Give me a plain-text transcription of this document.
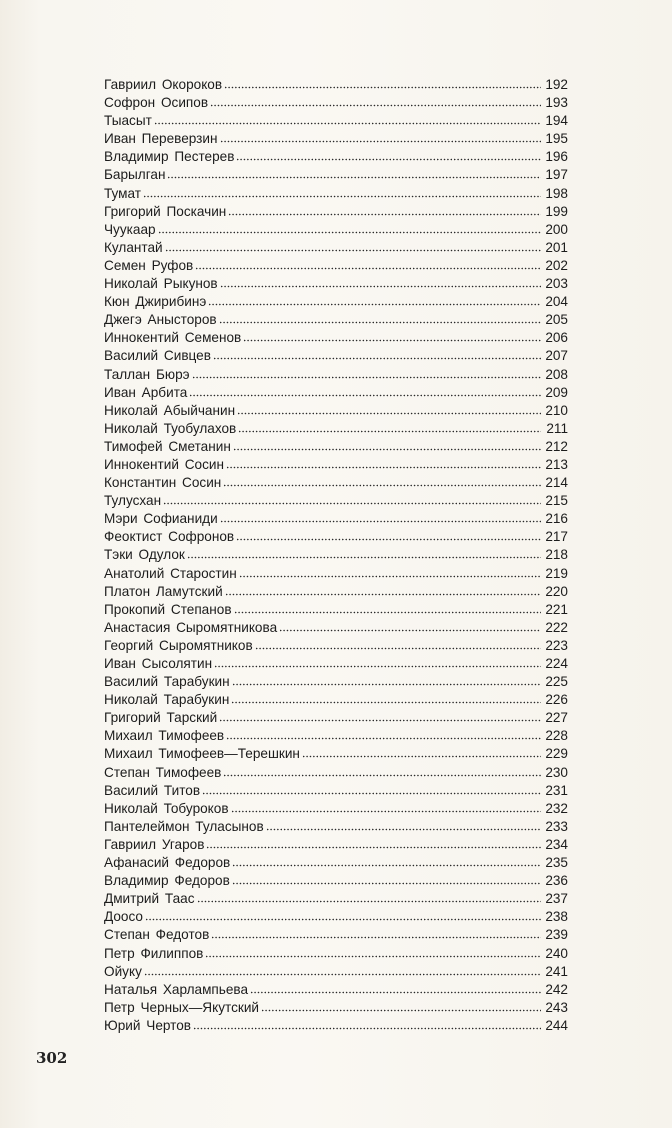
Гавриил Окороков	192
Софрон Осипов	193
Тыасыт	194
Иван Переверзин	195
Владимир Пестерев	196
Барылган	197
Тумат	198
Григорий Поскачин	199
Чуукаар	200
Кулантай	201
Семен Руфов	202
Николай Рыкунов	203
Кюн Джирибинэ	204
Джегэ Анысторов	205
Иннокентий Семенов	206
Василий Сивцев	207
Таллан Бюрэ	208
Иван Арбита	209
Николай Абыйчанин	210
Николай Туобулахов	211
Тимофей Сметанин	212
Иннокентий Сосин	213
Константин Сосин	214
Тулусхан	215
Мэри Софианиди	216
Феоктист Софронов	217
Тэки Одулок	218
Анатолий Старостин	219
Платон Ламутский	220
Прокопий Степанов	221
Анастасия Сыромятникова	222
Георгий Сыромятников	223
Иван Сысолятин	224
Василий Тарабукин	225
Николай Тарабукин	226
Григорий Тарский	227
Михаил Тимофеев	228
Михаил Тимофеев—Терешкин	229
Степан Тимофеев	230
Василий Титов	231
Николай Тобуроков	232
Пантелеймон Туласынов	233
Гавриил Угаров	234
Афанасий Федоров	235
Владимир Федоров	236
Дмитрий Таас	237
Доосо	238
Степан Федотов	239
Петр Филиппов	240
Ойуку	241
Наталья Харлампьева	242
Петр Черных—Якутский	243
Юрий Чертов	244
302
